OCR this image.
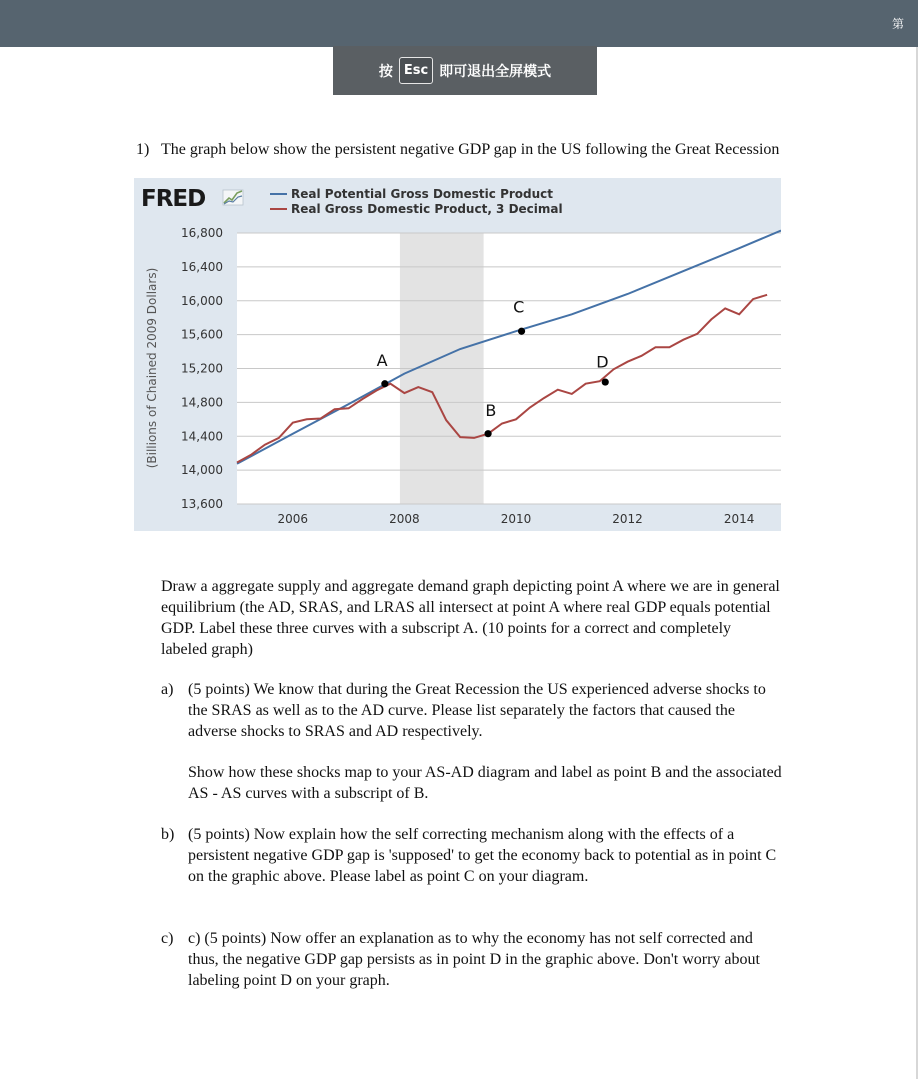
第
按 Esc 即可退出全屏模式
1) The graph below show the persistent negative GDP gap in the US following the Great Recession
16,800
16,400
16,000
15,600
15,200
14,800
14,400
14,000
13,600
2006	2008	2010	2012	2014
A
B
C
D
FRED	Real Potential Gross Domestic Product
Real Gross Domestic Product, 3 Decimal
(Billions of Chained 2009 Dollars)
Draw a aggregate supply and aggregate demand graph depicting point A where we are in general equilibrium (the AD, SRAS, and LRAS all intersect at point A where real GDP equals potential GDP. Label these three curves with a subscript A. (10 points for a correct and completely labeled graph)
a) (5 points) We know that during the Great Recession the US experienced adverse shocks to the SRAS as well as to the AD curve. Please list separately the factors that caused the adverse shocks to SRAS and AD respectively.
Show how these shocks map to your AS-AD diagram and label as point B and the associated AS - AS curves with a subscript of B.
b) (5 points) Now explain how the self correcting mechanism along with the effects of a persistent negative GDP gap is 'supposed' to get the economy back to potential as in point C on the graphic above. Please label as point C on your diagram.
c) c) (5 points) Now offer an explanation as to why the economy has not self corrected and thus, the negative GDP gap persists as in point D in the graphic above. Don't worry about labeling point D on your graph.
